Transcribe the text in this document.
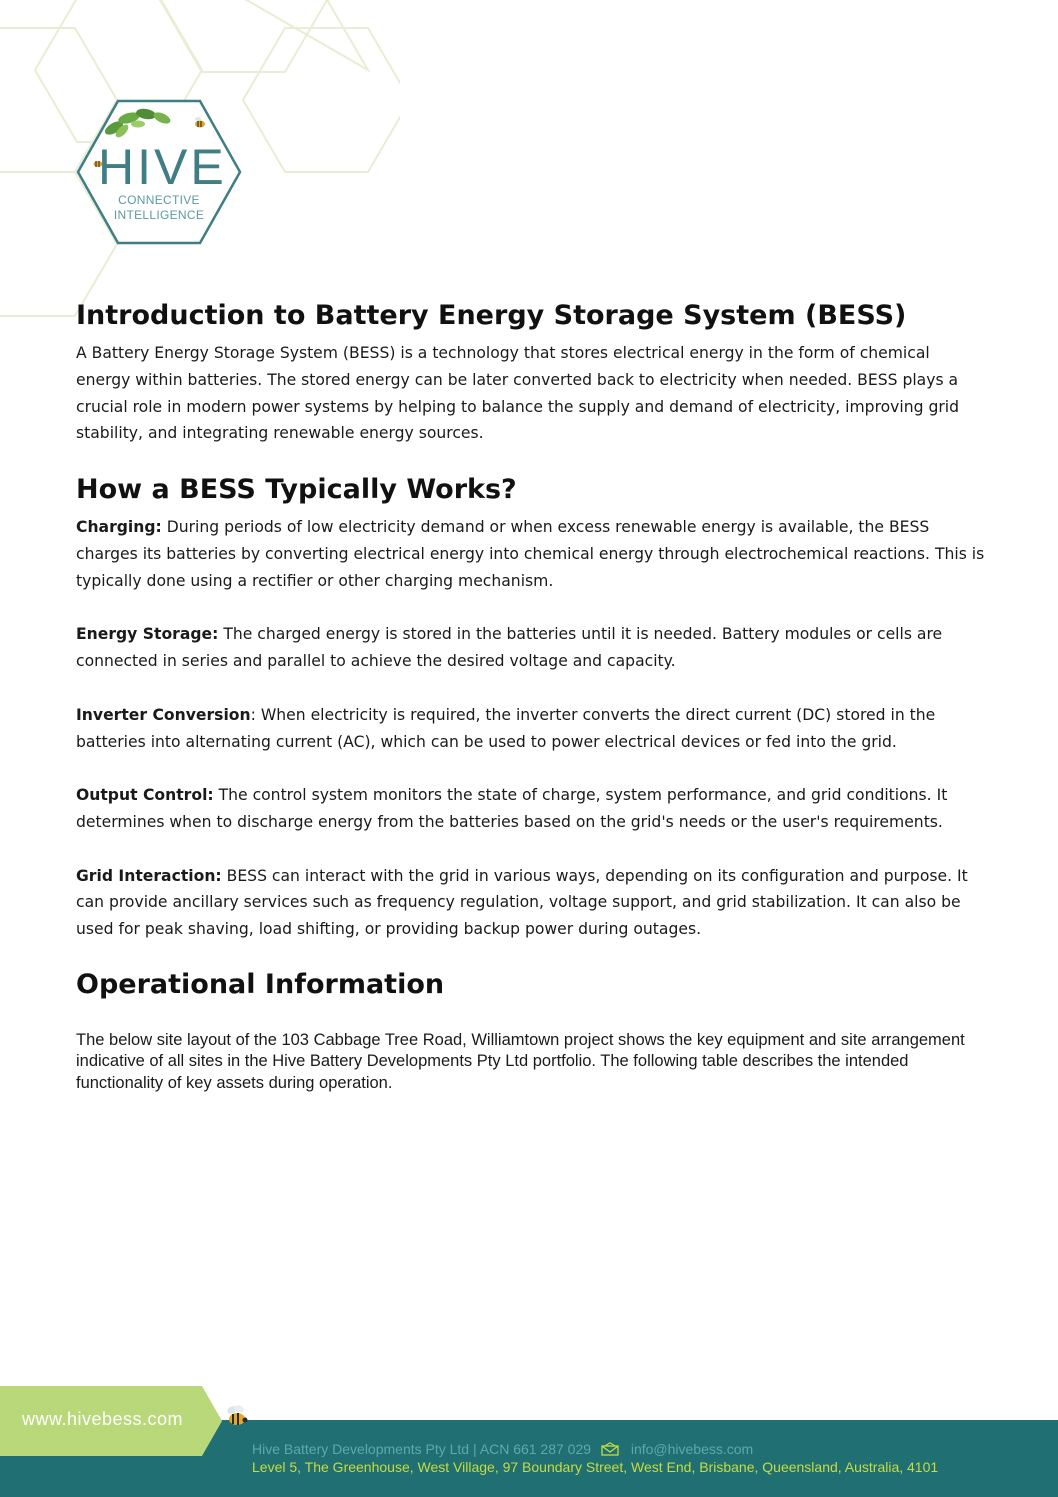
HIVE
CONNECTIVE
INTELLIGENCE
Introduction to Battery Energy Storage System (BESS)

A Battery Energy Storage System (BESS) is a technology that stores electrical energy in the form of chemical energy within batteries. The stored energy can be later converted back to electricity when needed. BESS plays a crucial role in modern power systems by helping to balance the supply and demand of electricity, improving grid stability, and integrating renewable energy sources.

How a BESS Typically Works?

Charging: During periods of low electricity demand or when excess renewable energy is available, the BESS charges its batteries by converting electrical energy into chemical energy through electrochemical reactions. This is typically done using a rectifier or other charging mechanism.

Energy Storage: The charged energy is stored in the batteries until it is needed. Battery modules or cells are connected in series and parallel to achieve the desired voltage and capacity.

Inverter Conversion: When electricity is required, the inverter converts the direct current (DC) stored in the batteries into alternating current (AC), which can be used to power electrical devices or fed into the grid.

Output Control: The control system monitors the state of charge, system performance, and grid conditions. It determines when to discharge energy from the batteries based on the grid's needs or the user's requirements.

Grid Interaction: BESS can interact with the grid in various ways, depending on its configuration and purpose. It can provide ancillary services such as frequency regulation, voltage support, and grid stabilization. It can also be used for peak shaving, load shifting, or providing backup power during outages.

Operational Information

The below site layout of the 103 Cabbage Tree Road, Williamtown project shows the key equipment and site arrangement indicative of all sites in the Hive Battery Developments Pty Ltd portfolio. The following table describes the intended functionality of key assets during operation.

www.hivebess.com
Hive Battery Developments Pty Ltd | ACN 661 287 029	info@hivebess.com
Level 5, The Greenhouse, West Village, 97 Boundary Street, West End, Brisbane, Queensland, Australia, 4101
